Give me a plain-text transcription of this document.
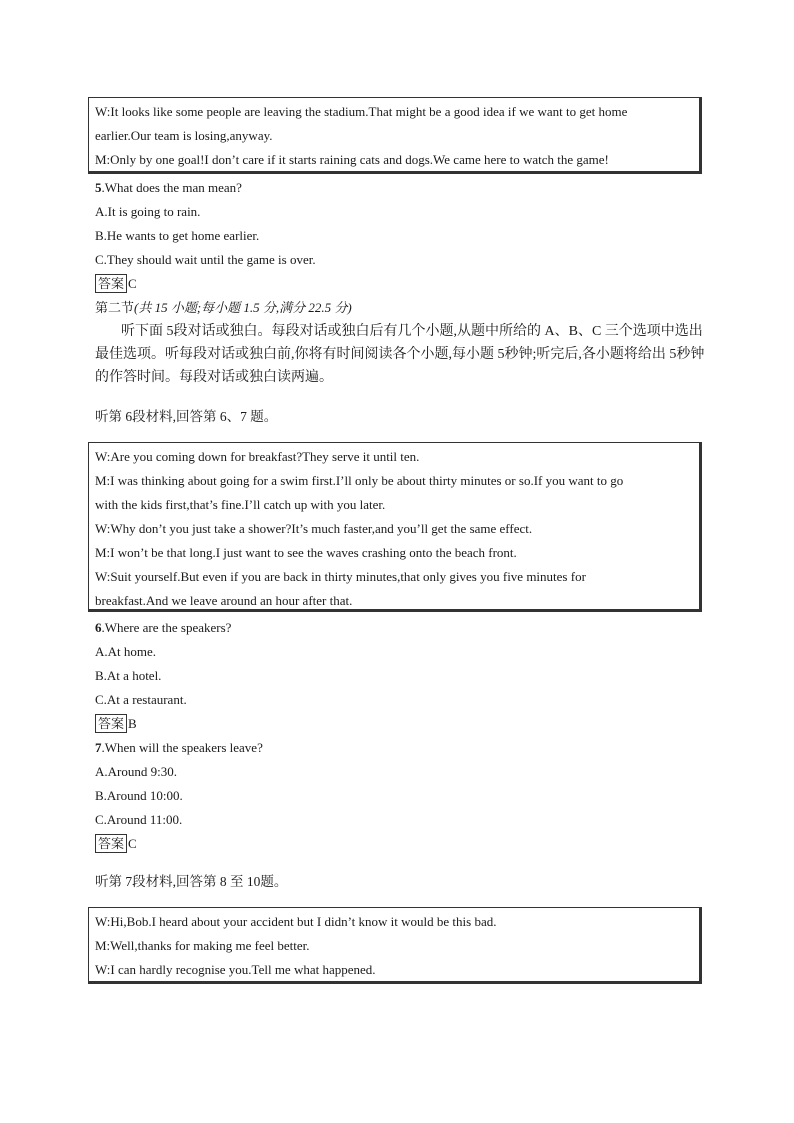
W:It looks like some people are leaving the stadium.That might be a good idea if we want to get home
earlier.Our team is losing,anyway.
M:Only by one goal!I don’t care if it starts raining cats and dogs.We came here to watch the game!
5.What does the man mean?
A.It is going to rain.
B.He wants to get home earlier.
C.They should wait until the game is over.
答案 C
第二节(共 15 小题;每小题 1.5 分,满分 22.5 分)
听下面 5段对话或独白。每段对话或独白后有几个小题,从题中所给的 A、B、C 三个选项中选出最佳选项。听每段对话或独白前,你将有时间阅读各个小题,每小题 5秒钟;听完后,各小题将给出 5秒钟的作答时间。每段对话或独白读两遍。
听第 6段材料,回答第 6、7 题。
W:Are you coming down for breakfast?They serve it until ten.
M:I was thinking about going for a swim first.I’ll only be about thirty minutes or so.If you want to go
with the kids first,that’s fine.I’ll catch up with you later.
W:Why don’t you just take a shower?It’s much faster,and you’ll get the same effect.
M:I won’t be that long.I just want to see the waves crashing onto the beach front.
W:Suit yourself.But even if you are back in thirty minutes,that only gives you five minutes for
breakfast.And we leave around an hour after that.
6.Where are the speakers?
A.At home.
B.At a hotel.
C.At a restaurant.
答案 B
7.When will the speakers leave?
A.Around 9:30.
B.Around 10:00.
C.Around 11:00.
答案 C
听第 7段材料,回答第 8 至 10题。
W:Hi,Bob.I heard about your accident but I didn’t know it would be this bad.
M:Well,thanks for making me feel better.
W:I can hardly recognise you.Tell me what happened.
